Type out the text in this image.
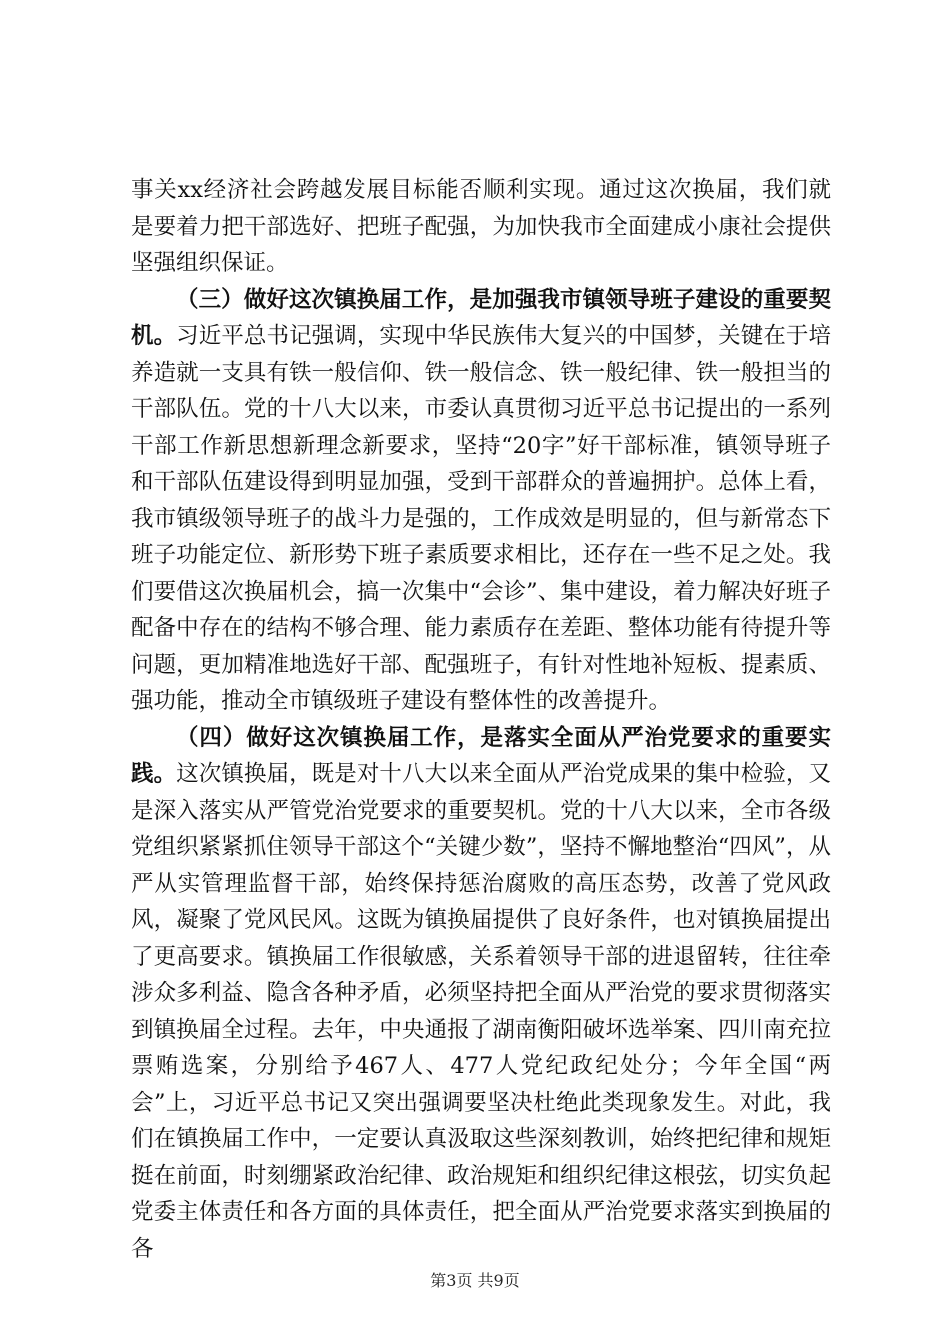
事关xx经济社会跨越发展目标能否顺利实现。通过这次换届，我们就是要着力把干部选好、把班子配强，为加快我市全面建成小康社会提供坚强组织保证。

（三）做好这次镇换届工作，是加强我市镇领导班子建设的重要契机。习近平总书记强调，实现中华民族伟大复兴的中国梦，关键在于培养造就一支具有铁一般信仰、铁一般信念、铁一般纪律、铁一般担当的干部队伍。党的十八大以来，市委认真贯彻习近平总书记提出的一系列干部工作新思想新理念新要求，坚持“20字”好干部标准，镇领导班子和干部队伍建设得到明显加强，受到干部群众的普遍拥护。总体上看，我市镇级领导班子的战斗力是强的，工作成效是明显的，但与新常态下班子功能定位、新形势下班子素质要求相比，还存在一些不足之处。我们要借这次换届机会，搞一次集中“会诊”、集中建设，着力解决好班子配备中存在的结构不够合理、能力素质存在差距、整体功能有待提升等问题，更加精准地选好干部、配强班子，有针对性地补短板、提素质、强功能，推动全市镇级班子建设有整体性的改善提升。

（四）做好这次镇换届工作，是落实全面从严治党要求的重要实践。这次镇换届，既是对十八大以来全面从严治党成果的集中检验，又是深入落实从严管党治党要求的重要契机。党的十八大以来，全市各级党组织紧紧抓住领导干部这个“关键少数”，坚持不懈地整治“四风”，从严从实管理监督干部，始终保持惩治腐败的高压态势，改善了党风政风，凝聚了党风民风。这既为镇换届提供了良好条件，也对镇换届提出了更高要求。镇换届工作很敏感，关系着领导干部的进退留转，往往牵涉众多利益、隐含各种矛盾，必须坚持把全面从严治党的要求贯彻落实到镇换届全过程。去年，中央通报了湖南衡阳破坏选举案、四川南充拉票贿选案，分别给予467人、477人党纪政纪处分；今年全国“两会”上，习近平总书记又突出强调要坚决杜绝此类现象发生。对此，我们在镇换届工作中，一定要认真汲取这些深刻教训，始终把纪律和规矩挺在前面，时刻绷紧政治纪律、政治规矩和组织纪律这根弦，切实负起党委主体责任和各方面的具体责任，把全面从严治党要求落实到换届的各

第3页 共9页
